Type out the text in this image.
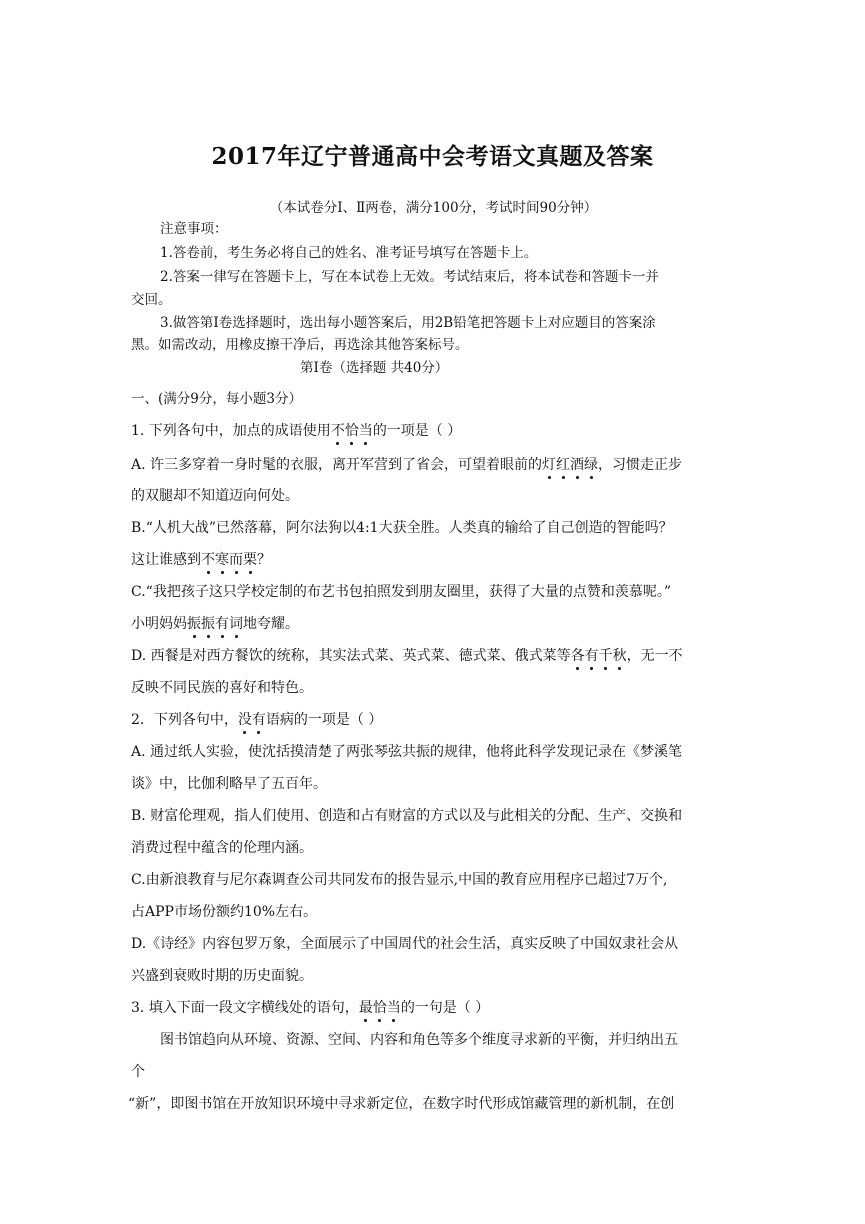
2017年辽宁普通高中会考语文真题及答案
（本试卷分Ⅰ、Ⅱ两卷，满分100分，考试时间90分钟）
注意事项：
1.答卷前，考生务必将自己的姓名、准考证号填写在答题卡上。
2.答案一律写在答题卡上，写在本试卷上无效。考试结束后，将本试卷和答题卡一并
交回。
3.做答第Ⅰ卷选择题时，选出每小题答案后，用2B铅笔把答题卡上对应题目的答案涂
黑。如需改动，用橡皮擦干净后，再选涂其他答案标号。
第Ⅰ卷（选择题 共40分）
一、(满分9分，每小题3分）
1. 下列各句中，加点的成语使用不恰当的一项是（ ）
A. 许三多穿着一身时髦的衣服，离开军营到了省会，可望着眼前的灯红酒绿，习惯走正步
的双腿却不知道迈向何处。
B.“人机大战”已然落幕，阿尔法狗以4:1大获全胜。人类真的输给了自己创造的智能吗？
这让谁感到不寒而栗？
C.“我把孩子这只学校定制的布艺书包拍照发到朋友圈里，获得了大量的点赞和羡慕呢。”
小明妈妈振振有词地夸耀。
D. 西餐是对西方餐饮的统称，其实法式菜、英式菜、德式菜、俄式菜等各有千秋，无一不
反映不同民族的喜好和特色。
2．下列各句中，没有语病的一项是（ ）
A. 通过纸人实验，使沈括摸清楚了两张琴弦共振的规律，他将此科学发现记录在《梦溪笔
谈》中，比伽利略早了五百年。
B. 财富伦理观，指人们使用、创造和占有财富的方式以及与此相关的分配、生产、交换和
消费过程中蕴含的伦理内涵。
C.由新浪教育与尼尔森调查公司共同发布的报告显示,中国的教育应用程序已超过7万个,
占APP市场份额约10%左右。
D.《诗经》内容包罗万象，全面展示了中国周代的社会生活，真实反映了中国奴隶社会从
兴盛到衰败时期的历史面貌。
3. 填入下面一段文字横线处的语句，最恰当的一句是（ ）
图书馆趋向从环境、资源、空间、内容和角色等多个维度寻求新的平衡，并归纳出五
个
“新”，即图书馆在开放知识环境中寻求新定位，在数字时代形成馆藏管理的新机制，在创
